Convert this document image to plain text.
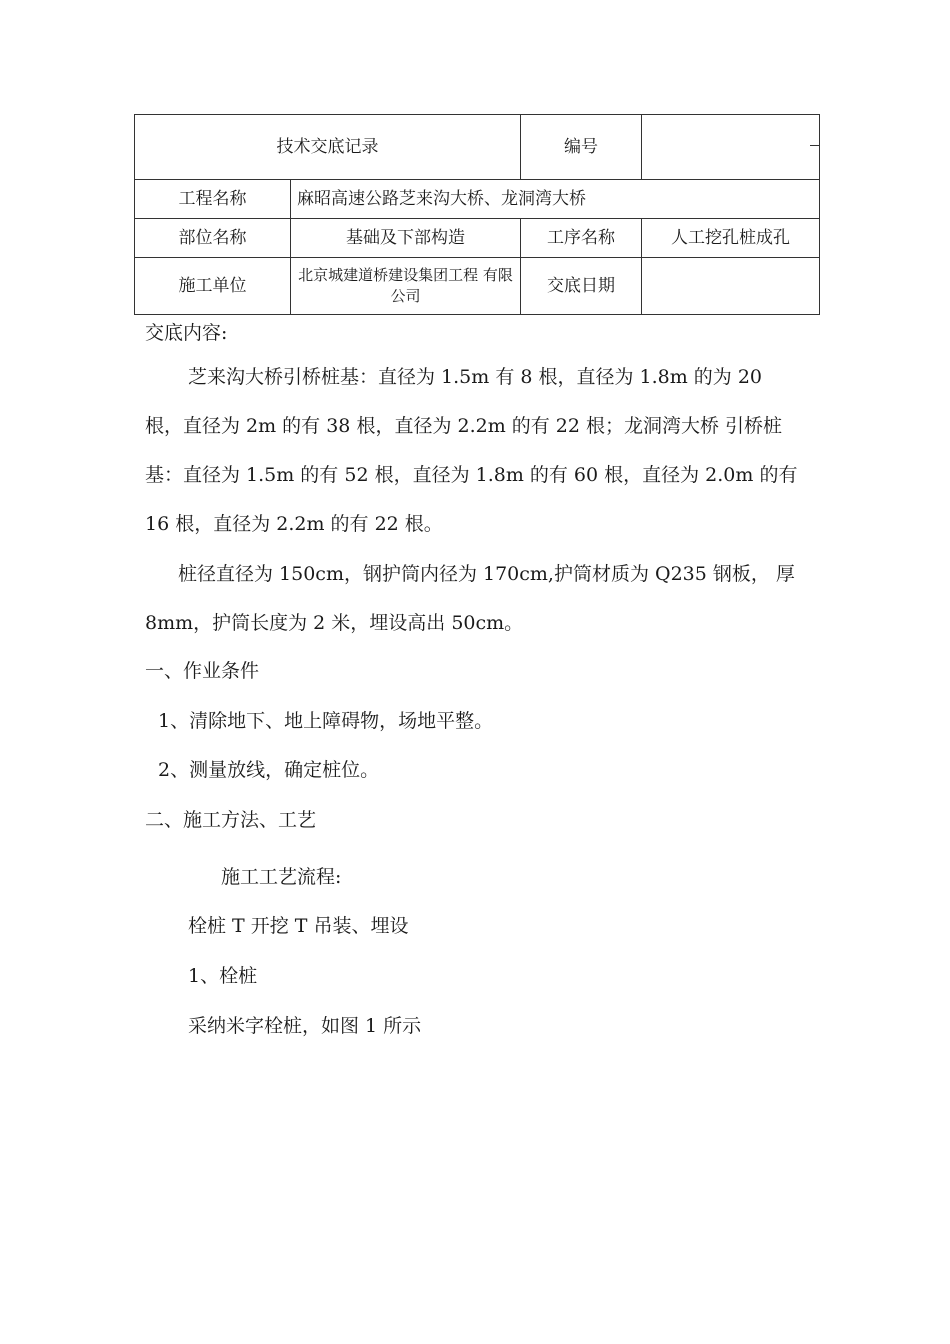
技术交底记录		编号	

工程名称	麻昭高速公路芝来沟大桥、龙洞湾大桥		
部位名称	基础及下部构造	工序名称	人工挖孔桩成孔
施工单位	北京城建道桥建设集团工程 有限公司	交底日期	
交底内容:
芝来沟大桥引桥桩基：直径为 1.5m 有 8 根，直径为 1.8m 的为 20
根，直径为 2m 的有 38 根，直径为 2.2m 的有 22 根；龙洞湾大桥 引桥桩
基：直径为 1.5m 的有 52 根，直径为 1.8m 的有 60 根，直径为 2.0m 的有
16 根，直径为 2.2m 的有 22 根。
桩径直径为 150cm，钢护筒内径为 170cm,护筒材质为 Q235 钢板， 厚
8mm，护筒长度为 2 米，埋设高出 50cm。
一、作业条件
1、清除地下、地上障碍物，场地平整。
2、测量放线，确定桩位。
二、施工方法、工艺
施工工艺流程:
栓桩 T 开挖 T 吊装、埋设
1、栓桩
采纳米字栓桩，如图 1 所示
